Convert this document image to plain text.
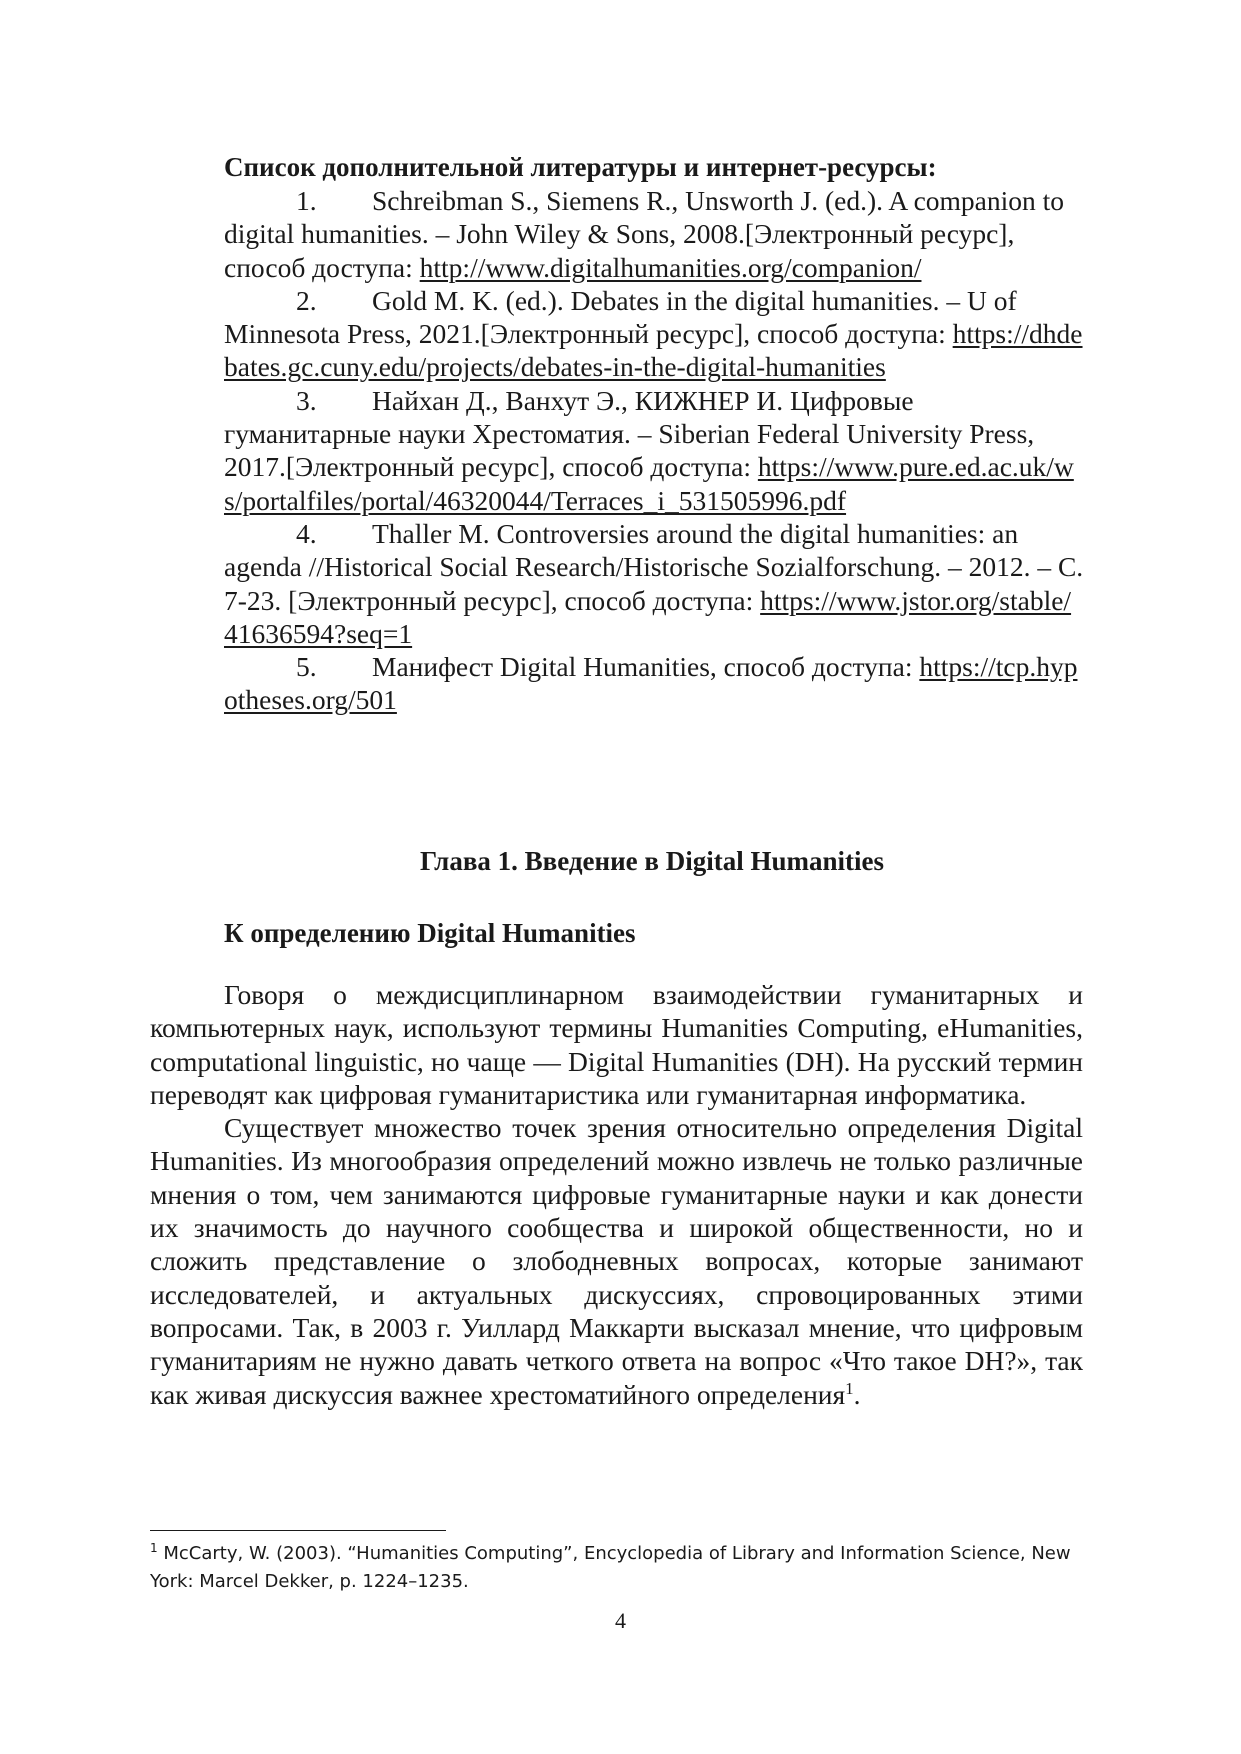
Список дополнительной литературы и интернет-ресурсы:

1. Schreibman S., Siemens R., Unsworth J. (ed.). A companion to digital humanities. – John Wiley & Sons, 2008.[Электронный ресурс], способ доступа: http://www.digitalhumanities.org/companion/

2. Gold M. K. (ed.). Debates in the digital humanities. – U of Minnesota Press, 2021.[Электронный ресурс], способ доступа: https://dhdebates.gc.cuny.edu/projects/debates-in-the-digital-humanities

3. Найхан Д., Ванхут Э., КИЖНЕР И. Цифровые гуманитарные науки Хрестоматия. – Siberian Federal University Press, 2017.[Электронный ресурс], способ доступа: https://www.pure.ed.ac.uk/ws/portalfiles/portal/46320044/Terraces_i_531505996.pdf

4. Thaller M. Controversies around the digital humanities: an agenda //Historical Social Research/Historische Sozialforschung. – 2012. – С. 7-23. [Электронный ресурс], способ доступа: https://www.jstor.org/stable/41636594?seq=1

5. Манифест Digital Humanities, способ доступа: https://tcp.hypotheses.org/501

Глава 1. Введение в Digital Humanities
К определению Digital Humanities

Говоря о междисциплинарном взаимодействии гуманитарных и компьютерных наук, используют термины Humanities Computing, eHumanities, computational linguistic, но чаще — Digital Humanities (DH). На русский термин переводят как цифровая гуманитаристика или гуманитарная информатика.

Существует множество точек зрения относительно определения Digital Humanities. Из многообразия определений можно извлечь не только различные мнения о том, чем занимаются цифровые гуманитарные науки и как донести их значимость до научного сообщества и широкой общественности, но и сложить представление о злободневных вопросах, которые занимают исследователей, и актуальных дискуссиях, спровоцированных этими вопросами. Так, в 2003 г. Уиллард Маккарти высказал мнение, что цифровым гуманитариям не нужно давать четкого ответа на вопрос «Что такое DH?», так как живая дискуссия важнее хрестоматийного определения$^1$.

$^1$ McCarty, W. (2003). “Humanities Computing”, Encyclopedia of Library and Information Science, New York: Marcel Dekker, p. 1224–1235.

4
